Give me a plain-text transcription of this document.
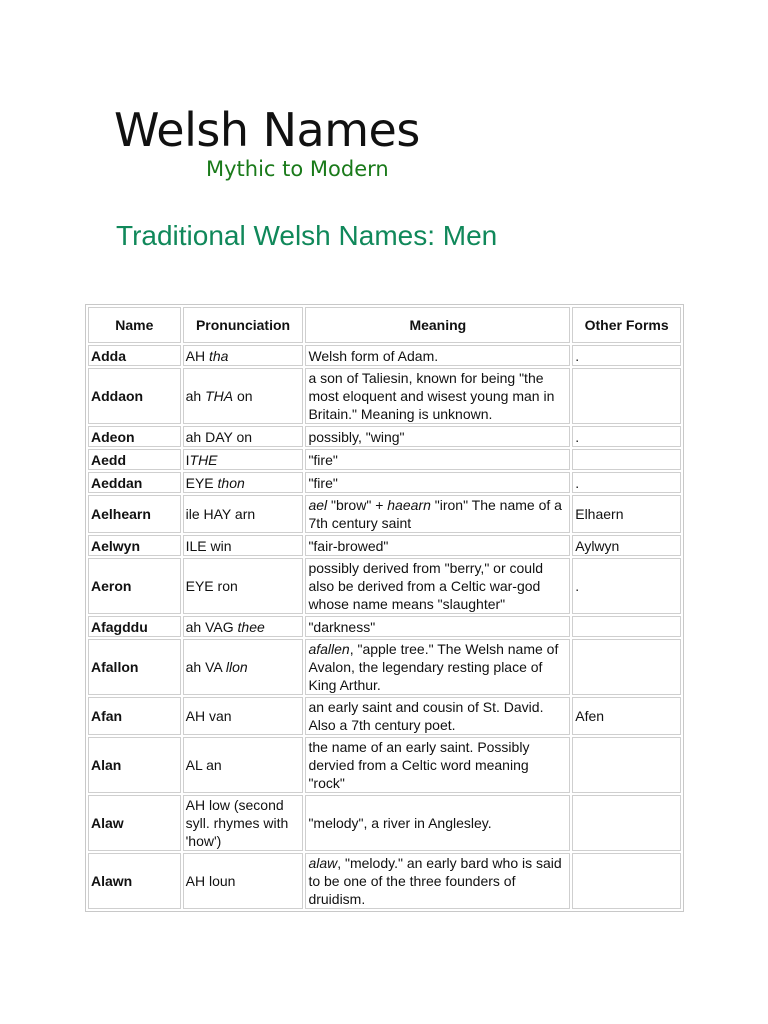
Welsh Names
Mythic to Modern
Traditional Welsh Names: Men
Name	Pronunciation	Meaning	Other Forms
Adda	AH tha	Welsh form of Adam.	.
Addaon	ah THA on	a son of Taliesin, known for being "the most eloquent and wisest young man in Britain." Meaning is unknown.	
Adeon	ah DAY on	possibly, "wing"	.
Aedd	ITHE	"fire"	
Aeddan	EYE thon	"fire"	.
Aelhearn	ile HAY arn	ael "brow" + haearn "iron" The name of a 7th century saint	Elhaern
Aelwyn	ILE win	"fair-browed"	Aylwyn
Aeron	EYE ron	possibly derived from "berry," or could also be derived from a Celtic war-god whose name means "slaughter"	.
Afagddu	ah VAG thee	"darkness"	
Afallon	ah VA llon	afallen, "apple tree." The Welsh name of Avalon, the legendary resting place of King Arthur.	
Afan	AH van	an early saint and cousin of St. David. Also a 7th century poet.	Afen
Alan	AL an	the name of an early saint. Possibly dervied from a Celtic word meaning "rock"	
Alaw	AH low (second syll. rhymes with 'how')	"melody", a river in Anglesley.	
Alawn	AH loun	alaw, "melody." an early bard who is said to be one of the three founders of druidism.	
